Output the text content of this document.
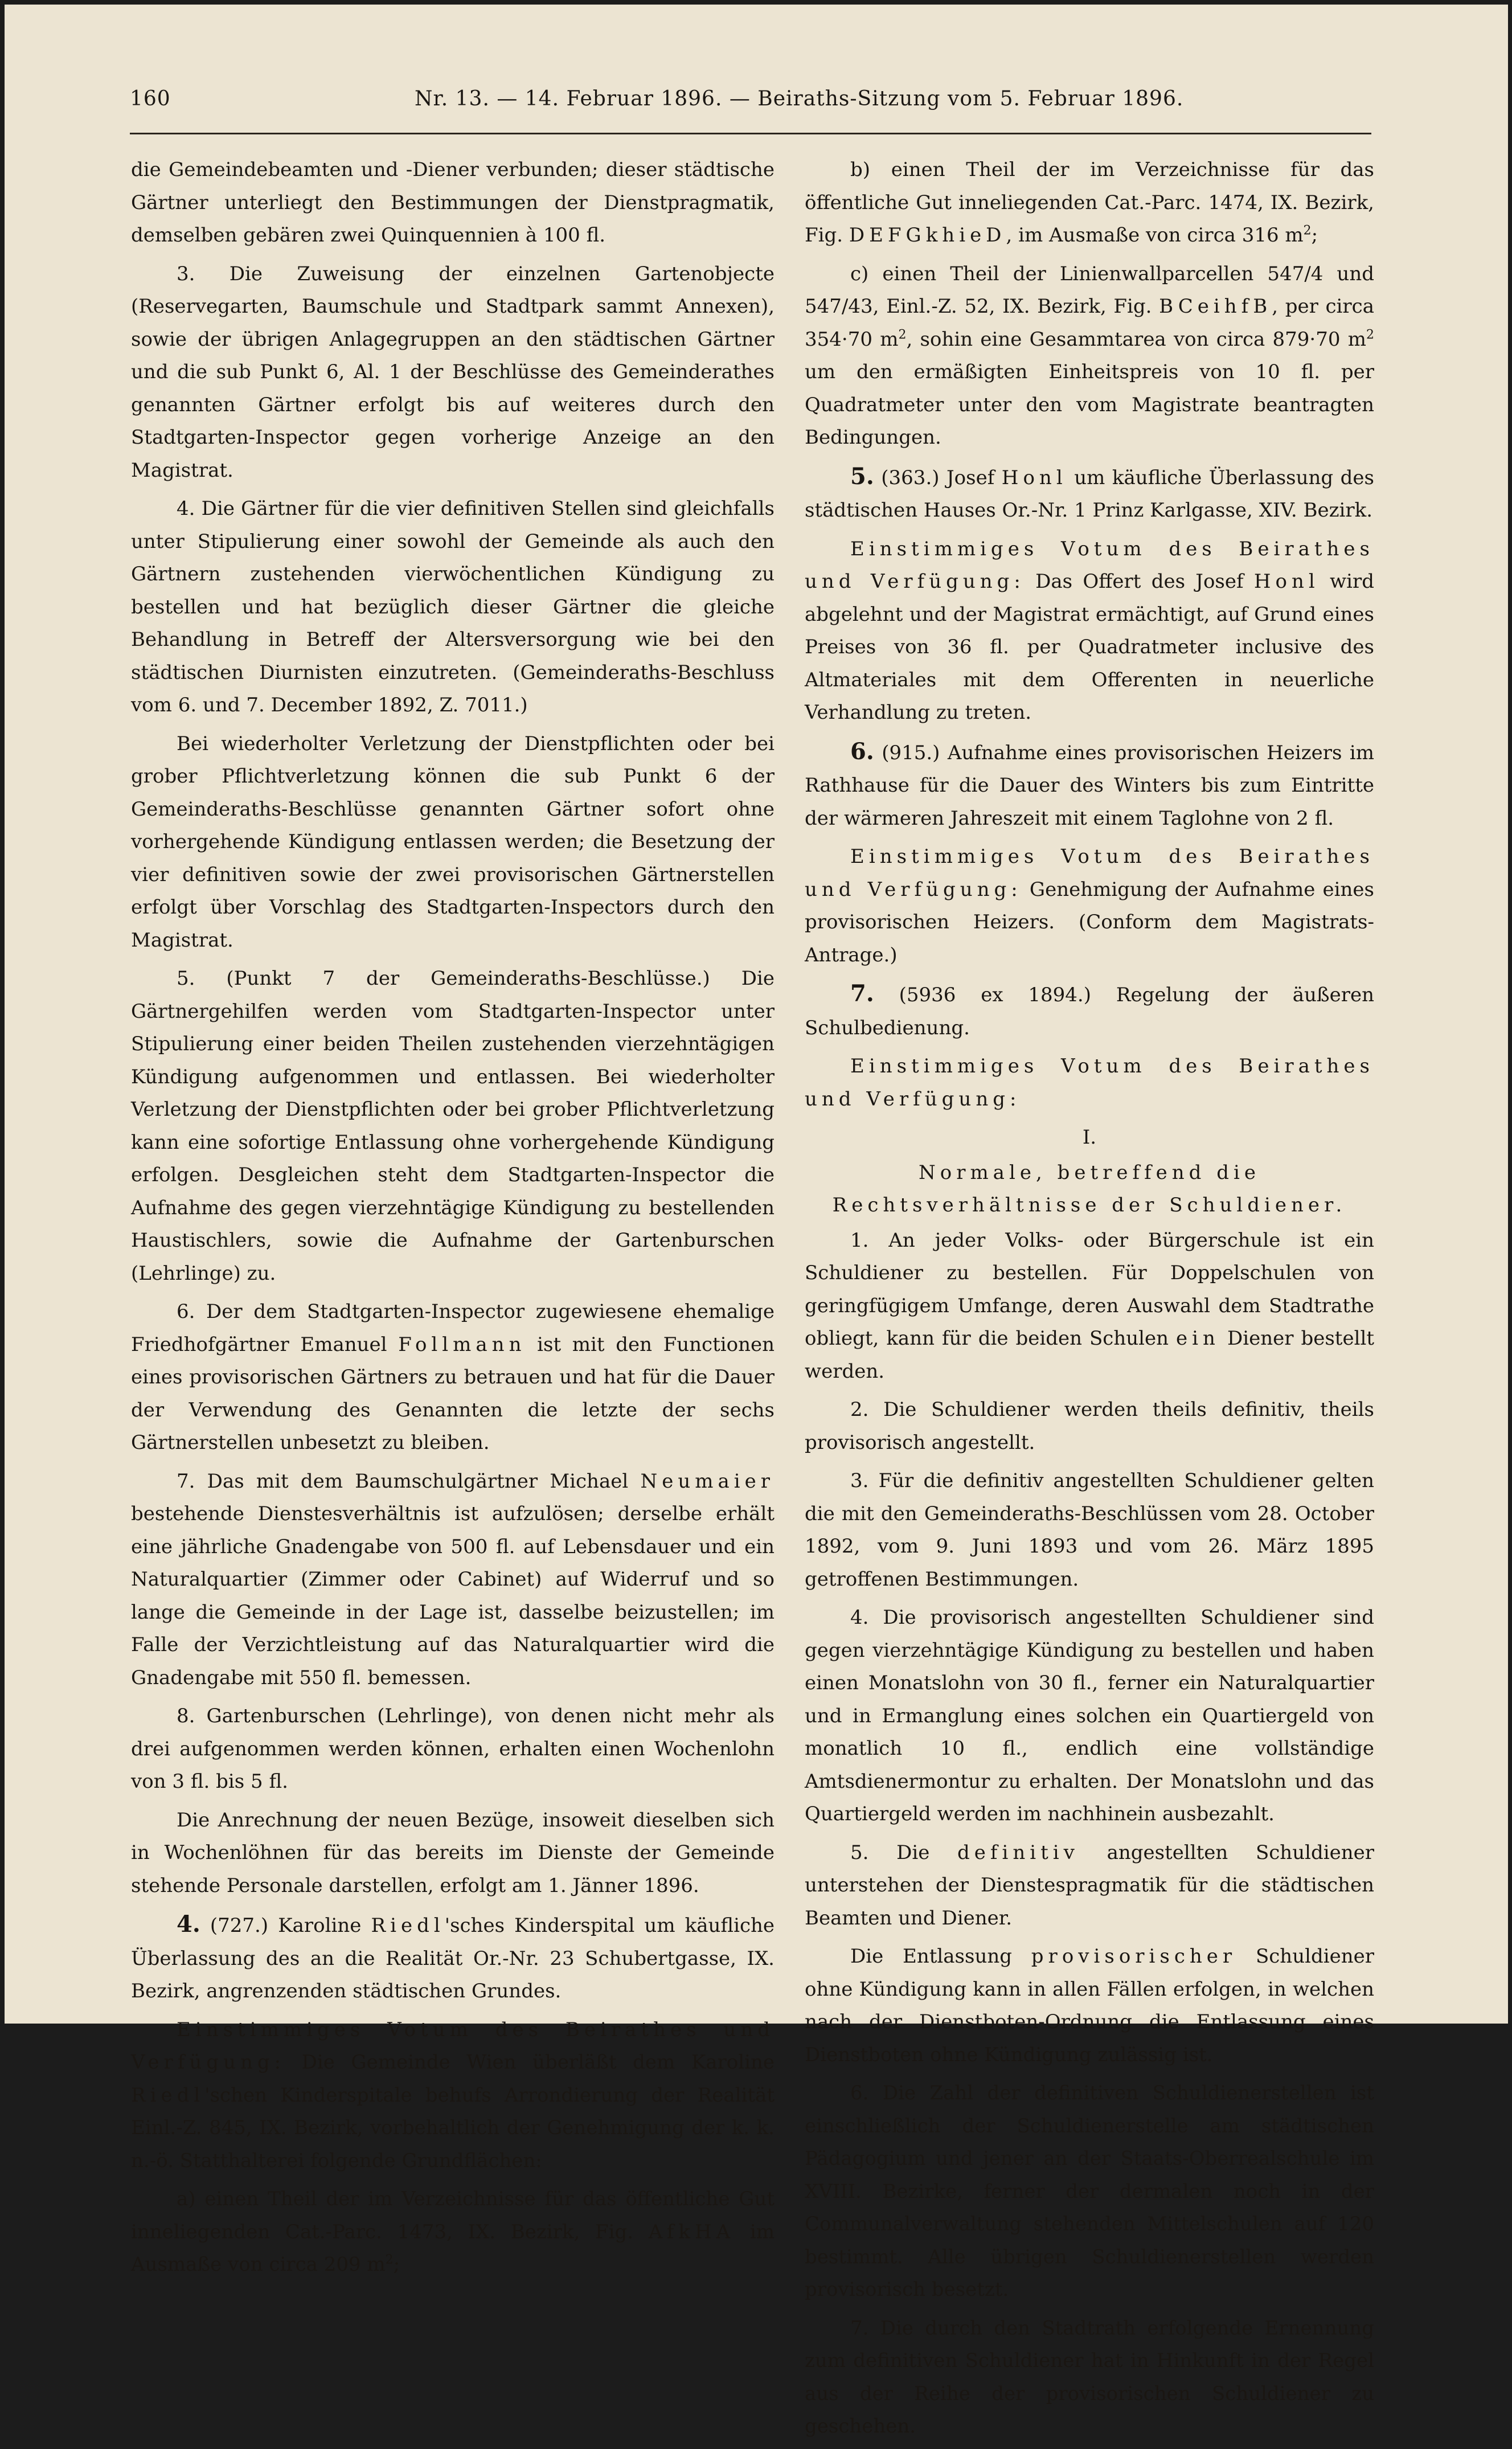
160	Nr. 13. — 14. Februar 1896. — Beiraths-Sitzung vom 5. Februar 1896.

die Gemeindebeamten und -Diener verbunden; dieser städtische Gärtner unterliegt den Bestimmungen der Dienstpragmatik, demselben gebären zwei Quinquennien à 100 fl.

3. Die Zuweisung der einzelnen Gartenobjecte (Reservegarten, Baumschule und Stadtpark sammt Annexen), sowie der übrigen Anlagegruppen an den städtischen Gärtner und die sub Punkt 6, Al. 1 der Beschlüsse des Gemeinderathes genannten Gärtner erfolgt bis auf weiteres durch den Stadtgarten-Inspector gegen vorherige Anzeige an den Magistrat.

4. Die Gärtner für die vier definitiven Stellen sind gleichfalls unter Stipulierung einer sowohl der Gemeinde als auch den Gärtnern zustehenden vierwöchentlichen Kündigung zu bestellen und hat bezüglich dieser Gärtner die gleiche Behandlung in Betreff der Altersversorgung wie bei den städtischen Diurnisten einzutreten. (Gemeinderaths-Beschluss vom 6. und 7. December 1892, Z. 7011.)

Bei wiederholter Verletzung der Dienstpflichten oder bei grober Pflichtverletzung können die sub Punkt 6 der Gemeinderaths-Beschlüsse genannten Gärtner sofort ohne vorhergehende Kündigung entlassen werden; die Besetzung der vier definitiven sowie der zwei provisorischen Gärtnerstellen erfolgt über Vorschlag des Stadtgarten-Inspectors durch den Magistrat.

5. (Punkt 7 der Gemeinderaths-Beschlüsse.) Die Gärtnergehilfen werden vom Stadtgarten-Inspector unter Stipulierung einer beiden Theilen zustehenden vierzehntägigen Kündigung aufgenommen und entlassen. Bei wiederholter Verletzung der Dienstpflichten oder bei grober Pflichtverletzung kann eine sofortige Entlassung ohne vorhergehende Kündigung erfolgen. Desgleichen steht dem Stadtgarten-Inspector die Aufnahme des gegen vierzehntägige Kündigung zu bestellenden Haustischlers, sowie die Aufnahme der Gartenburschen (Lehrlinge) zu.

6. Der dem Stadtgarten-Inspector zugewiesene ehemalige Friedhofgärtner Emanuel Follmann ist mit den Functionen eines provisorischen Gärtners zu betrauen und hat für die Dauer der Verwendung des Genannten die letzte der sechs Gärtnerstellen unbesetzt zu bleiben.

7. Das mit dem Baumschulgärtner Michael Neumaier bestehende Dienstesverhältnis ist aufzulösen; derselbe erhält eine jährliche Gnadengabe von 500 fl. auf Lebensdauer und ein Naturalquartier (Zimmer oder Cabinet) auf Widerruf und so lange die Gemeinde in der Lage ist, dasselbe beizustellen; im Falle der Verzichtleistung auf das Naturalquartier wird die Gnadengabe mit 550 fl. bemessen.

8. Gartenburschen (Lehrlinge), von denen nicht mehr als drei aufgenommen werden können, erhalten einen Wochenlohn von 3 fl. bis 5 fl.

Die Anrechnung der neuen Bezüge, insoweit dieselben sich in Wochenlöhnen für das bereits im Dienste der Gemeinde stehende Personale darstellen, erfolgt am 1. Jänner 1896.

4. (727.) Karoline Riedl'sches Kinderspital um käufliche Überlassung des an die Realität Or.-Nr. 23 Schubertgasse, IX. Bezirk, angrenzenden städtischen Grundes.

Einstimmiges Votum des Beirathes und Verfügung: Die Gemeinde Wien überläßt dem Karoline Riedl'schen Kinderspitale behufs Arrondierung der Realität Einl.-Z. 845, IX. Bezirk, vorbehaltlich der Genehmigung der k. k. n.-ö. Statthalterei folgende Grundflächen:

a) einen Theil der im Verzeichnisse für das öffentliche Gut inneliegenden Cat.-Parc. 1473, IX. Bezirk, Fig. AfkHA im Ausmaße von circa 209 $m^2$;

b) einen Theil der im Verzeichnisse für das öffentliche Gut inneliegenden Cat.-Parc. 1474, IX. Bezirk, Fig. DEFGkhieD, im Ausmaße von circa 316 $m^2$;

c) einen Theil der Linienwallparcellen 547/4 und 547/43, Einl.-Z. 52, IX. Bezirk, Fig. BCeihfB, per circa 354·70 $m^2$, sohin eine Gesammtarea von circa 879·70 $m^2$ um den ermäßigten Einheitspreis von 10 fl. per Quadratmeter unter den vom Magistrate beantragten Bedingungen.

5. (363.) Josef Honl um käufliche Überlassung des städtischen Hauses Or.-Nr. 1 Prinz Karlgasse, XIV. Bezirk.

Einstimmiges Votum des Beirathes und Verfügung: Das Offert des Josef Honl wird abgelehnt und der Magistrat ermächtigt, auf Grund eines Preises von 36 fl. per Quadratmeter inclusive des Altmateriales mit dem Offerenten in neuerliche Verhandlung zu treten.

6. (915.) Aufnahme eines provisorischen Heizers im Rathhause für die Dauer des Winters bis zum Eintritte der wärmeren Jahreszeit mit einem Taglohne von 2 fl.

Einstimmiges Votum des Beirathes und Verfügung: Genehmigung der Aufnahme eines provisorischen Heizers. (Conform dem Magistrats-Antrage.)

7. (5936 ex 1894.) Regelung der äußeren Schulbedienung.

Einstimmiges Votum des Beirathes und Verfügung:

I.

Normale, betreffend die Rechtsverhältnisse der Schuldiener.

1. An jeder Volks- oder Bürgerschule ist ein Schuldiener zu bestellen. Für Doppelschulen von geringfügigem Umfange, deren Auswahl dem Stadtrathe obliegt, kann für die beiden Schulen ein Diener bestellt werden.

2. Die Schuldiener werden theils definitiv, theils provisorisch angestellt.

3. Für die definitiv angestellten Schuldiener gelten die mit den Gemeinderaths-Beschlüssen vom 28. October 1892, vom 9. Juni 1893 und vom 26. März 1895 getroffenen Bestimmungen.

4. Die provisorisch angestellten Schuldiener sind gegen vierzehntägige Kündigung zu bestellen und haben einen Monatslohn von 30 fl., ferner ein Naturalquartier und in Ermanglung eines solchen ein Quartiergeld von monatlich 10 fl., endlich eine vollständige Amtsdienermontur zu erhalten. Der Monatslohn und das Quartiergeld werden im nachhinein ausbezahlt.

5. Die definitiv angestellten Schuldiener unterstehen der Dienstespragmatik für die städtischen Beamten und Diener.

Die Entlassung provisorischer Schuldiener ohne Kündigung kann in allen Fällen erfolgen, in welchen nach der Dienstboten-Ordnung die Entlassung eines Dienstboten ohne Kündigung zulässig ist.

6. Die Zahl der definitiven Schuldienerstellen ist einschließlich der Schuldienerstelle am städtischen Pädagogium und jener an der Staats-Oberrealschule im XVIII. Bezirke, ferner der dermalen noch in der Communalverwaltung stehenden Mittelschulen auf 120 bestimmt. Alle übrigen Schuldienerstellen werden provisorisch besetzt.

7. Die durch den Stadtrath erfolgende Ernennung zum definitiven Schuldiener hat in Hinkunft in der Regel aus der Reihe der provisorischen Schuldiener zu geschehen.
